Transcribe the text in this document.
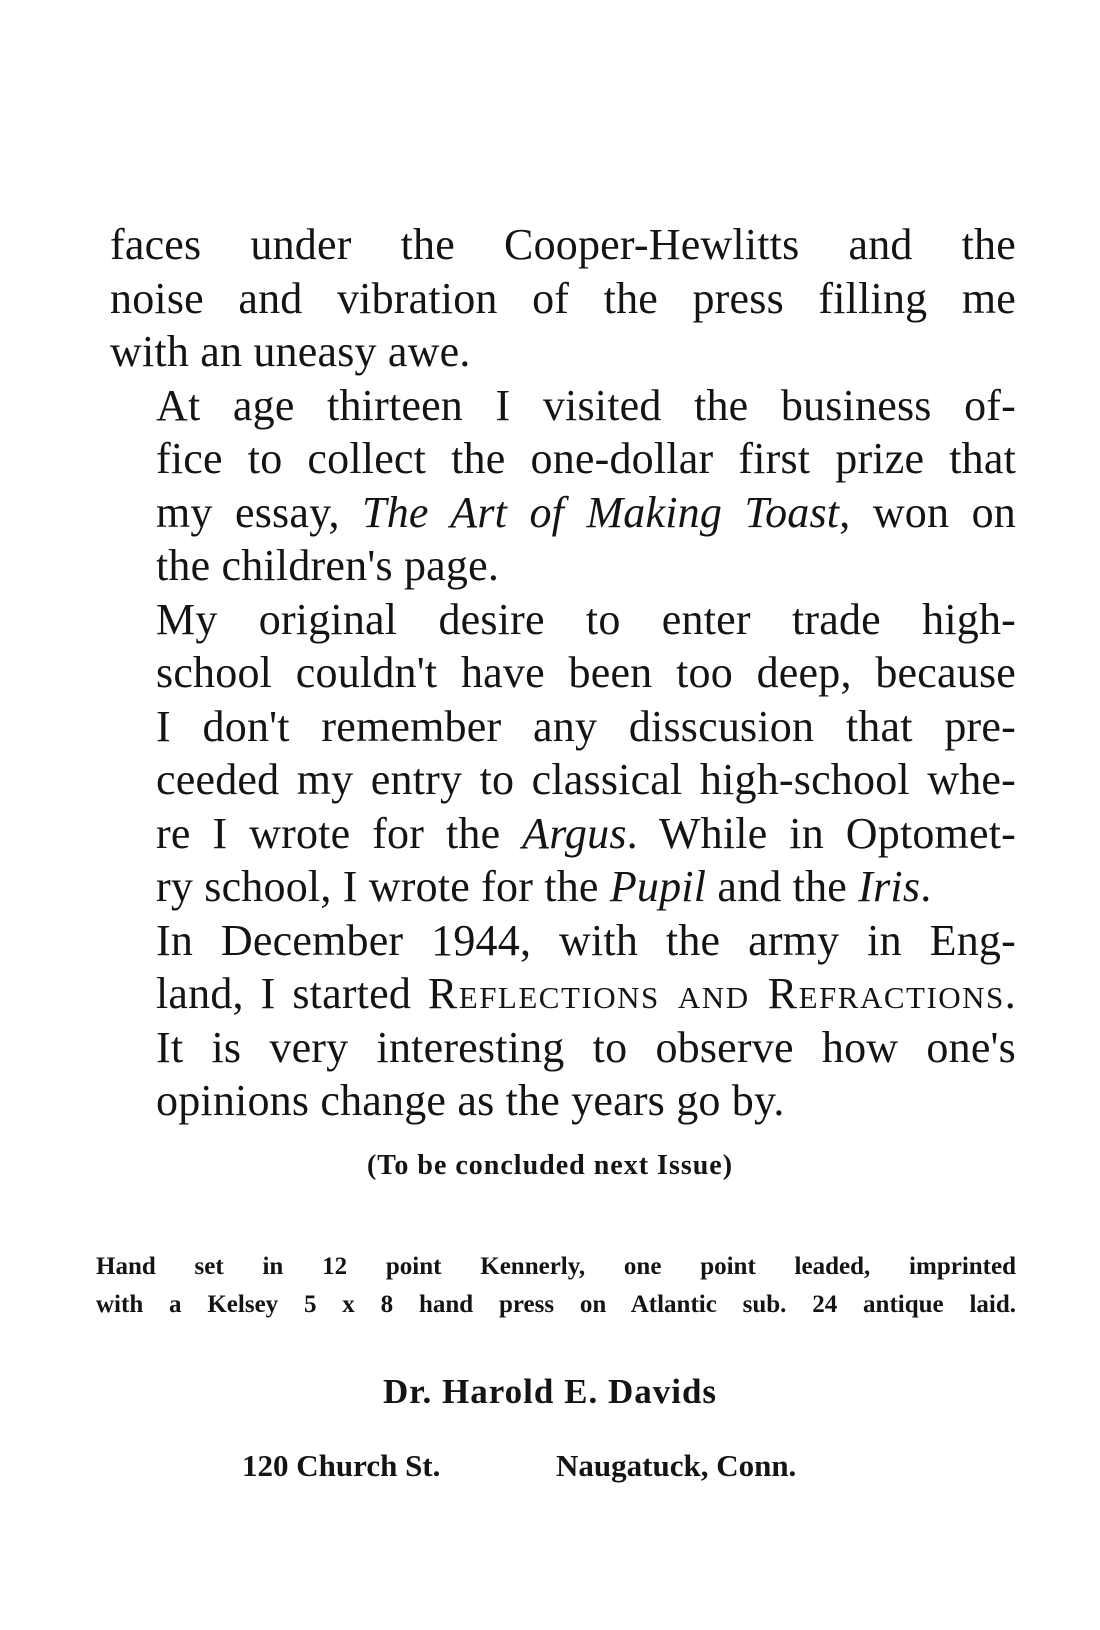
faces under the Cooper-Hewlitts and the
noise and vibration of the press filling me
with an uneasy awe.

At age thirteen I visited the business of-
fice to collect the one-dollar first prize that
my essay, The Art of Making Toast, won on
the children's page.

My original desire to enter trade high-
school couldn't have been too deep, because
I don't remember any disscusion that pre-
ceeded my entry to classical high-school whe-
re I wrote for the Argus. While in Optomet-
ry school, I wrote for the Pupil and the Iris.

In December 1944, with the army in Eng-
land, I started Reflections and Refractions.
It is very interesting to observe how one's
opinions change as the years go by.

(To be concluded next Issue)
Hand set in 12 point Kennerly, one point leaded, imprinted
with a Kelsey 5 x 8 hand press on Atlantic sub. 24 antique laid.
Dr. Harold E. Davids
120 Church St.	Naugatuck, Conn.
